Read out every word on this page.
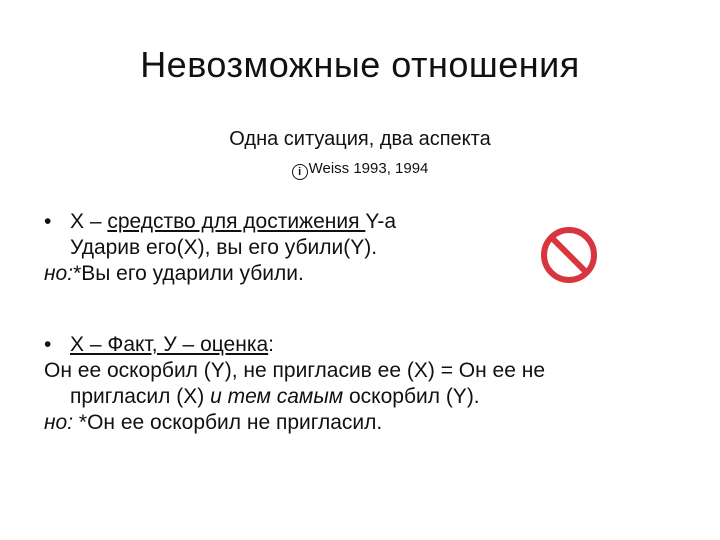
Невозможные отношения
Одна ситуация, два аспекта
i Weiss 1993, 1994
• X – средство для достижения Y-a
Ударив его(X), вы его убили(Y).
но:*Вы его ударили убили.
• X – Факт, У – оценка:
Он ее оскорбил (Y), не пригласив ее (X) = Он ее не
пригласил (X) и тем самым оскорбил (Y).
но: *Он ее оскорбил не пригласил.
